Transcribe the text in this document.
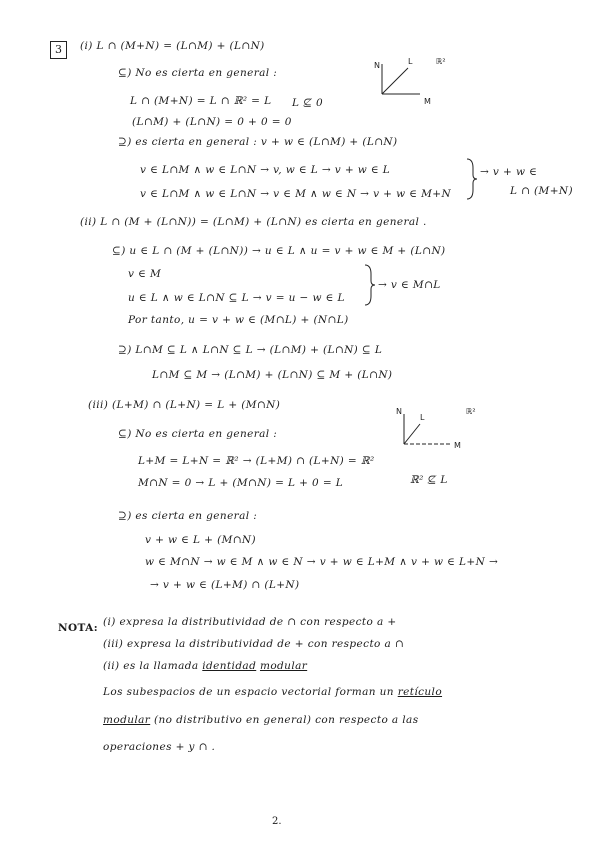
3	(i) L ∩ (M+N) = (L∩M) + (L∩N)
⊆) No es cierta en general :
L ∩ (M+N) = L ∩ ℝ² = L L ⊈ 0
(L∩M) + (L∩N) = 0 + 0 = 0
⊇) es cierta en general : v + w ∈ (L∩M) + (L∩N)
v ∈ L∩M ∧ w ∈ L∩N → v, w ∈ L → v + w ∈ L
v ∈ L∩M ∧ w ∈ L∩N → v ∈ M ∧ w ∈ N → v + w ∈ M+N
→ v + w ∈
L ∩ (M+N)
(ii) L ∩ (M + (L∩N)) = (L∩M) + (L∩N) es cierta en general .
⊆) u ∈ L ∩ (M + (L∩N)) → u ∈ L ∧ u = v + w ∈ M + (L∩N)
v ∈ M
u ∈ L ∧ w ∈ L∩N ⊆ L → v = u − w ∈ L
→ v ∈ M∩L
Por tanto, u = v + w ∈ (M∩L) + (N∩L)
⊇) L∩M ⊆ L ∧ L∩N ⊆ L → (L∩M) + (L∩N) ⊆ L
L∩M ⊆ M → (L∩M) + (L∩N) ⊆ M + (L∩N)
(iii) (L+M) ∩ (L+N) = L + (M∩N)
⊆) No es cierta en general :
L+M = L+N = ℝ² → (L+M) ∩ (L+N) = ℝ²
M∩N = 0 → L + (M∩N) = L + 0 = L	ℝ² ⊈ L
⊇) es cierta en general :
v + w ∈ L + (M∩N)
w ∈ M∩N → w ∈ M ∧ w ∈ N → v + w ∈ L+M ∧ v + w ∈ L+N →
→ v + w ∈ (L+M) ∩ (L+N)
NOTA: (i) expresa la distributividad de ∩ con respecto a +
(iii) expresa la distributividad de + con respecto a ∩
(ii) es la llamada identidad modular
Los subespacios de un espacio vectorial forman un retículo
modular (no distributivo en general) con respecto a las
operaciones + y ∩ .
N	L
M
ℝ²
N
L
M
ℝ²
2.
